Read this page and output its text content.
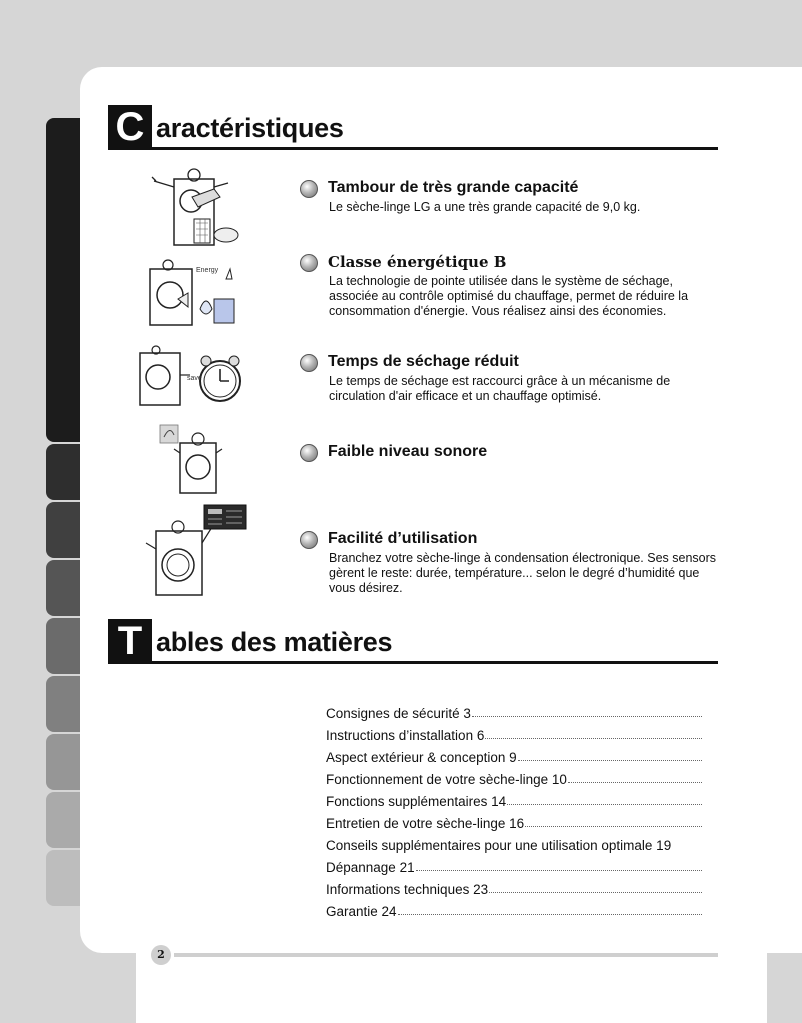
C aractéristiques
Tambour de très grande capacité
Le sèche-linge LG a une très grande capacité de 9,0 kg.
Energy	Classe énergétique B
La technologie de pointe utilisée dans le système de séchage, associée au contrôle optimisé du chauffage, permet de réduire la consommation d'énergie. Vous réalisez ainsi des économies.
save
Temps de séchage réduit
Le temps de séchage est raccourci grâce à un mécanisme de circulation d'air efficace et un chauffage optimisé.
Faible niveau sonore
Facilité d’utilisation
Branchez votre sèche-linge à condensation électronique. Ses sensors gèrent le reste: durée, température... selon le degré d’humidité que vous désirez.
T ables des matières
Consignes de sécurité 3
Instructions d’installation 6
Aspect extérieur & conception 9
Fonctionnement de votre sèche-linge 10
Fonctions supplémentaires 14
Entretien de votre sèche-linge 16
Conseils supplémentaires pour une utilisation optimale 19
Dépannage 21
Informations techniques 23
Garantie 24
2
